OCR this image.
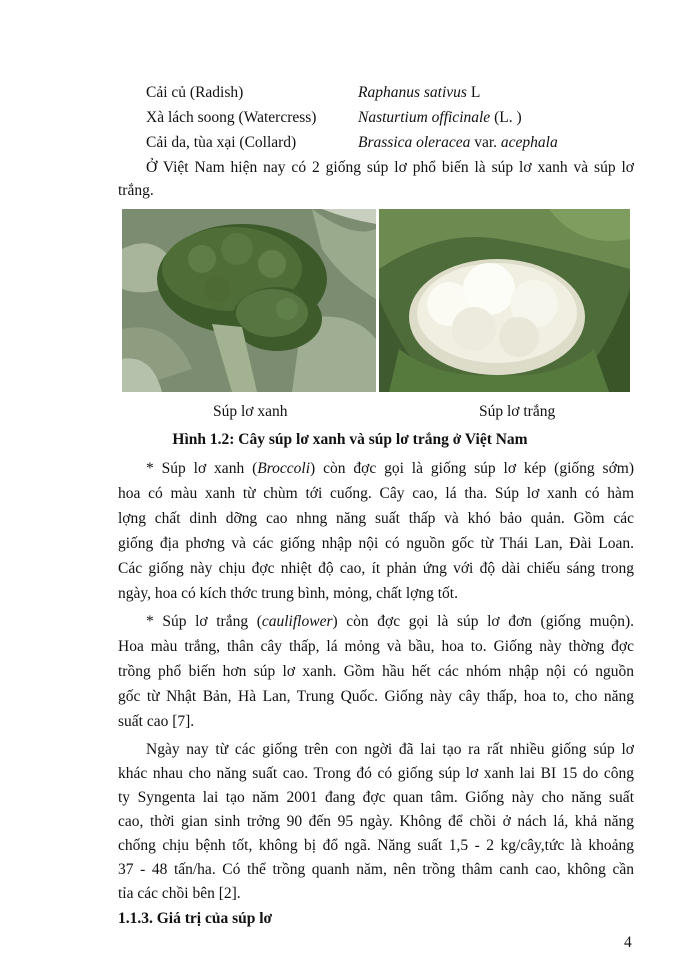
Cải củ (Radish)	Raphanus sativus L
Xà lách soong (Watercress)	Nasturtium officinale (L. )
Cải da, tùa xại (Collard)	Brassica oleracea var. acephala
Ở Việt Nam hiện nay có 2 giống súp lơ phổ biến là súp lơ xanh và súp lơ
trắng.
Súp lơ xanh	Súp lơ trắng
Hình 1.2: Cây súp lơ xanh và súp lơ trắng ở Việt Nam
* Súp lơ xanh (Broccoli) còn đợc gọi là giống súp lơ kép (giống sớm)
hoa có màu xanh từ chùm tới cuống. Cây cao, lá tha. Súp lơ xanh có hàm
lợng chất dinh dỡng cao nhng năng suất thấp và khó bảo quản. Gồm các
giống địa phơng và các giống nhập nội có nguồn gốc từ Thái Lan, Đài Loan.
Các giống này chịu đợc nhiệt độ cao, ít phản ứng với độ dài chiếu sáng trong
ngày, hoa có kích thớc trung bình, mỏng, chất lợng tốt.
* Súp lơ trắng (cauliflower) còn đợc gọi là súp lơ đơn (giống muộn).
Hoa màu trắng, thân cây thấp, lá mỏng và bầu, hoa to. Giống này thờng đợc
trồng phổ biến hơn súp lơ xanh. Gồm hầu hết các nhóm nhập nội có nguồn
gốc từ Nhật Bản, Hà Lan, Trung Quốc. Giống này cây thấp, hoa to, cho năng
suất cao [7].
Ngày nay từ các giống trên con ngời đã lai tạo ra rất nhiều giống súp lơ
khác nhau cho năng suất cao. Trong đó có giống súp lơ xanh lai BI 15 do công
ty Syngenta lai tạo năm 2001 đang đợc quan tâm. Giống này cho năng suất
cao, thời gian sinh trởng 90 đến 95 ngày. Không để chồi ở nách lá, khả năng
chống chịu bệnh tốt, không bị đổ ngã. Năng suất 1,5 - 2 kg/cây,tức là khoảng
1.1.3. Giá trị của súp lơ
4
37 - 48 tấn/ha. Có thể trồng quanh năm, nên trồng thâm canh cao, không cần
tỉa các chồi bên [2].
